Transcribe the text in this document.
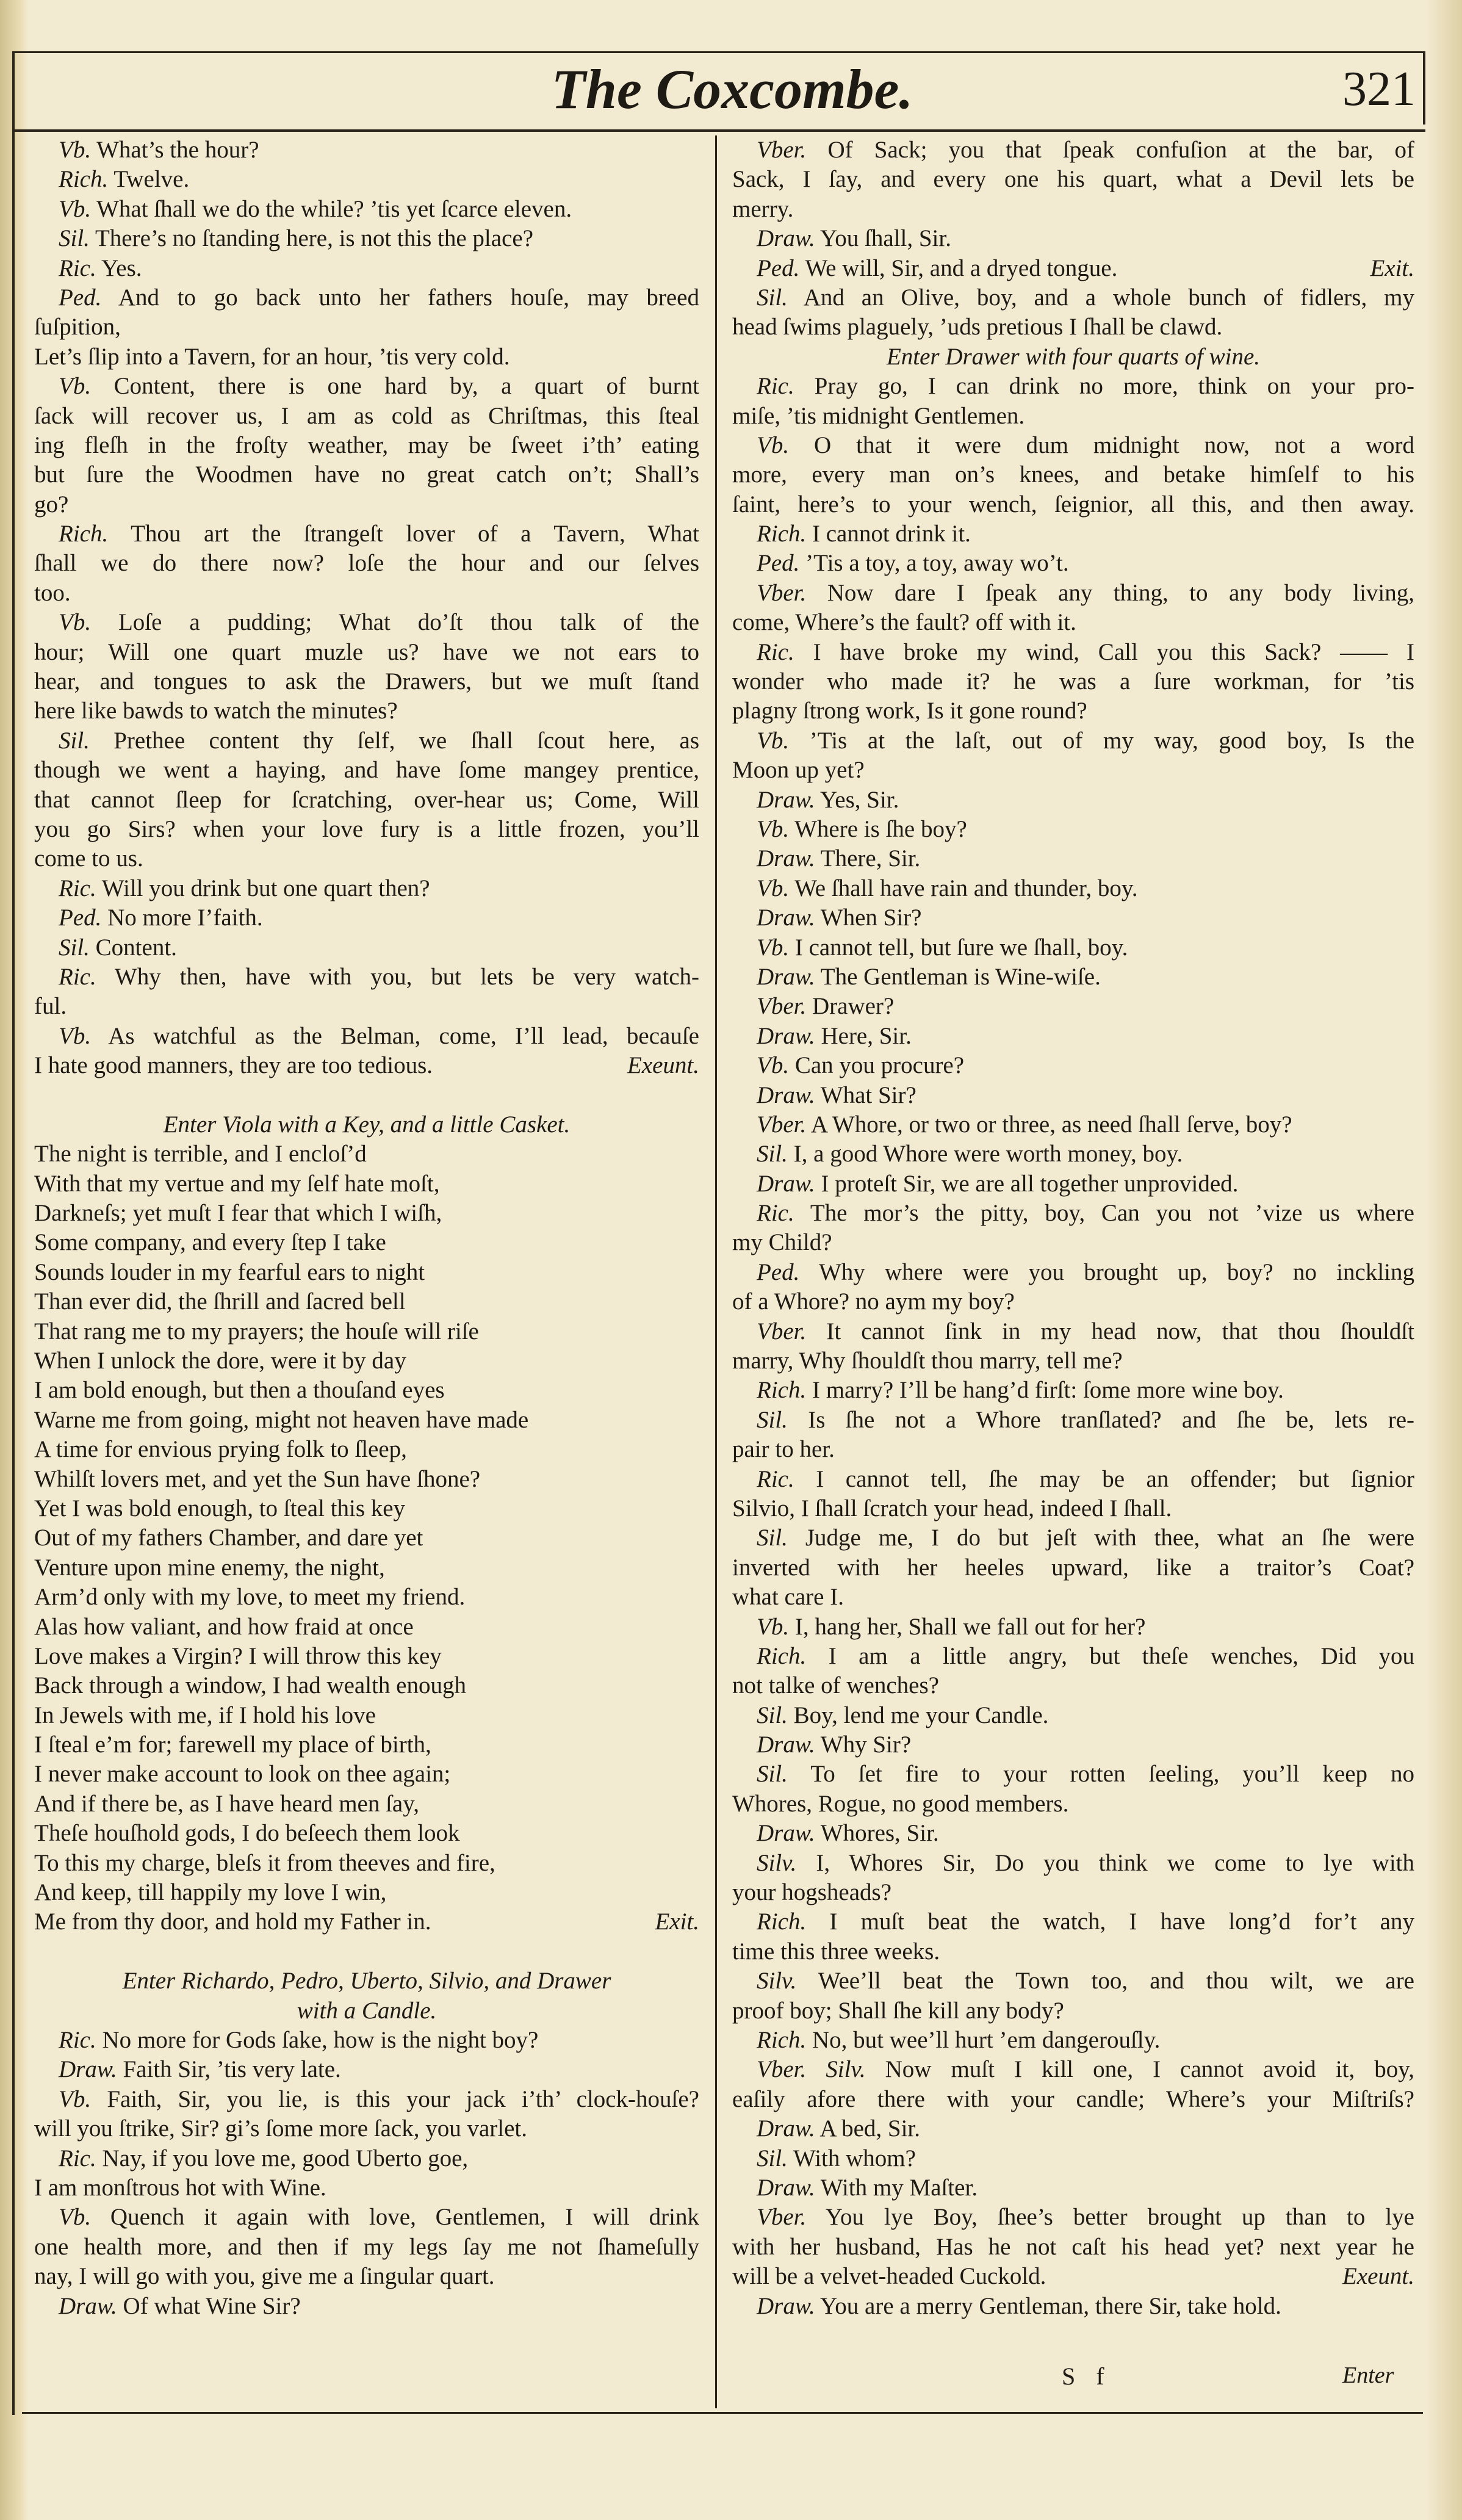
The Coxcombe.	321
Vb. What’s the hour?
Rich. Twelve.
Vb. What ſhall we do the while? ’tis yet ſcarce eleven.
Sil. There’s no ſtanding here, is not this the place?
Ric. Yes.
Ped. And to go back unto her fathers houſe, may breed
ſuſpition,
Let’s ſlip into a Tavern, for an hour, ’tis very cold.
Vb. Content, there is one hard by, a quart of burnt
ſack will recover us, I am as cold as Chriſtmas, this ſteal
ing fleſh in the froſty weather, may be ſweet i’th’ eating
but ſure the Woodmen have no great catch on’t; Shall’s
go?
Rich. Thou art the ſtrangeſt lover of a Tavern, What
ſhall we do there now? loſe the hour and our ſelves
too.
Vb. Loſe a pudding; What do’ſt thou talk of the
hour; Will one quart muzle us? have we not ears to
hear, and tongues to ask the Drawers, but we muſt ſtand
here like bawds to watch the minutes?
Sil. Prethee content thy ſelf, we ſhall ſcout here, as
though we went a haying, and have ſome mangey prentice,
that cannot ſleep for ſcratching, over-hear us; Come, Will
you go Sirs? when your love fury is a little frozen, you’ll
come to us.
Ric. Will you drink but one quart then?
Ped. No more I’faith.
Sil. Content.
Ric. Why then, have with you, but lets be very watch-
ful.
Vb. As watchful as the Belman, come, I’ll lead, becauſe
I hate good manners, they are too tedious.	Exeunt.
Enter Viola with a Key, and a little Casket.
The night is terrible, and I encloſ’d
With that my vertue and my ſelf hate moſt,
Darkneſs; yet muſt I fear that which I wiſh,
Some company, and every ſtep I take
Sounds louder in my fearful ears to night
Than ever did, the ſhrill and ſacred bell
That rang me to my prayers; the houſe will riſe
When I unlock the dore, were it by day
I am bold enough, but then a thouſand eyes
Warne me from going, might not heaven have made
A time for envious prying folk to ſleep,
Whilſt lovers met, and yet the Sun have ſhone?
Yet I was bold enough, to ſteal this key
Out of my fathers Chamber, and dare yet
Venture upon mine enemy, the night,
Arm’d only with my love, to meet my friend.
Alas how valiant, and how fraid at once
Love makes a Virgin? I will throw this key
Back through a window, I had wealth enough
In Jewels with me, if I hold his love
I ſteal e’m for; farewell my place of birth,
I never make account to look on thee again;
And if there be, as I have heard men ſay,
Theſe houſhold gods, I do beſeech them look
To this my charge, bleſs it from theeves and fire,
And keep, till happily my love I win,
Me from thy door, and hold my Father in.	Exit.
Enter Richardo, Pedro, Uberto, Silvio, and Drawer
with a Candle.
Ric. No more for Gods ſake, how is the night boy?
Draw. Faith Sir, ’tis very late.
Vb. Faith, Sir, you lie, is this your jack i’th’ clock-houſe?
will you ſtrike, Sir? gi’s ſome more ſack, you varlet.
Ric. Nay, if you love me, good Uberto goe,
I am monſtrous hot with Wine.
Vb. Quench it again with love, Gentlemen, I will drink
one health more, and then if my legs ſay me not ſhameſully
nay, I will go with you, give me a ſingular quart.
Draw. Of what Wine Sir?
Vber. Of Sack; you that ſpeak confuſion at the bar, of
Sack, I ſay, and every one his quart, what a Devil lets be
merry.
Draw. You ſhall, Sir.
Ped. We will, Sir, and a dryed tongue.	Exit.
Sil. And an Olive, boy, and a whole bunch of fidlers, my
head ſwims plaguely, ’uds pretious I ſhall be clawd.
Enter Drawer with four quarts of wine.
Ric. Pray go, I can drink no more, think on your pro-
miſe, ’tis midnight Gentlemen.
Vb. O that it were dum midnight now, not a word
more, every man on’s knees, and betake himſelf to his
ſaint, here’s to your wench, ſeignior, all this, and then away.
Rich. I cannot drink it.
Ped. ’Tis a toy, a toy, away wo’t.
Vber. Now dare I ſpeak any thing, to any body living,
come, Where’s the fault? off with it.
Ric. I have broke my wind, Call you this Sack? —— I
wonder who made it? he was a ſure workman, for ’tis
plagny ſtrong work, Is it gone round?
Vb. ’Tis at the laſt, out of my way, good boy, Is the
Moon up yet?
Draw. Yes, Sir.
Vb. Where is ſhe boy?
Draw. There, Sir.
Vb. We ſhall have rain and thunder, boy.
Draw. When Sir?
Vb. I cannot tell, but ſure we ſhall, boy.
Draw. The Gentleman is Wine-wiſe.
Vber. Drawer?
Draw. Here, Sir.
Vb. Can you procure?
Draw. What Sir?
Vber. A Whore, or two or three, as need ſhall ſerve, boy?
Sil. I, a good Whore were worth money, boy.
Draw. I proteſt Sir, we are all together unprovided.
Ric. The mor’s the pitty, boy, Can you not ’vize us where
my Child?
Ped. Why where were you brought up, boy? no inckling
of a Whore? no aym my boy?
Vber. It cannot ſink in my head now, that thou ſhouldſt
marry, Why ſhouldſt thou marry, tell me?
Rich. I marry? I’ll be hang’d firſt: ſome more wine boy.
Sil. Is ſhe not a Whore tranſlated? and ſhe be, lets re-
pair to her.
Ric. I cannot tell, ſhe may be an offender; but ſignior
Silvio, I ſhall ſcratch your head, indeed I ſhall.
Sil. Judge me, I do but jeſt with thee, what an ſhe were
inverted with her heeles upward, like a traitor’s Coat?
what care I.
Vb. I, hang her, Shall we fall out for her?
Rich. I am a little angry, but theſe wenches, Did you
not talke of wenches?
Sil. Boy, lend me your Candle.
Draw. Why Sir?
Sil. To ſet fire to your rotten ſeeling, you’ll keep no
Whores, Rogue, no good members.
Draw. Whores, Sir.
Silv. I, Whores Sir, Do you think we come to lye with
your hogsheads?
Rich. I muſt beat the watch, I have long’d for’t any
time this three weeks.
Silv. Wee’ll beat the Town too, and thou wilt, we are
proof boy; Shall ſhe kill any body?
Rich. No, but wee’ll hurt ’em dangerouſly.
Vber. Silv. Now muſt I kill one, I cannot avoid it, boy,
eaſily afore there with your candle; Where’s your Miſtriſs?
Draw. A bed, Sir.
Sil. With whom?
Draw. With my Maſter.
Vber. You lye Boy, ſhee’s better brought up than to lye
with her husband, Has he not caſt his head yet? next year he
will be a velvet-headed Cuckold.	Exeunt.
Draw. You are a merry Gentleman, there Sir, take hold.
S f	Enter
